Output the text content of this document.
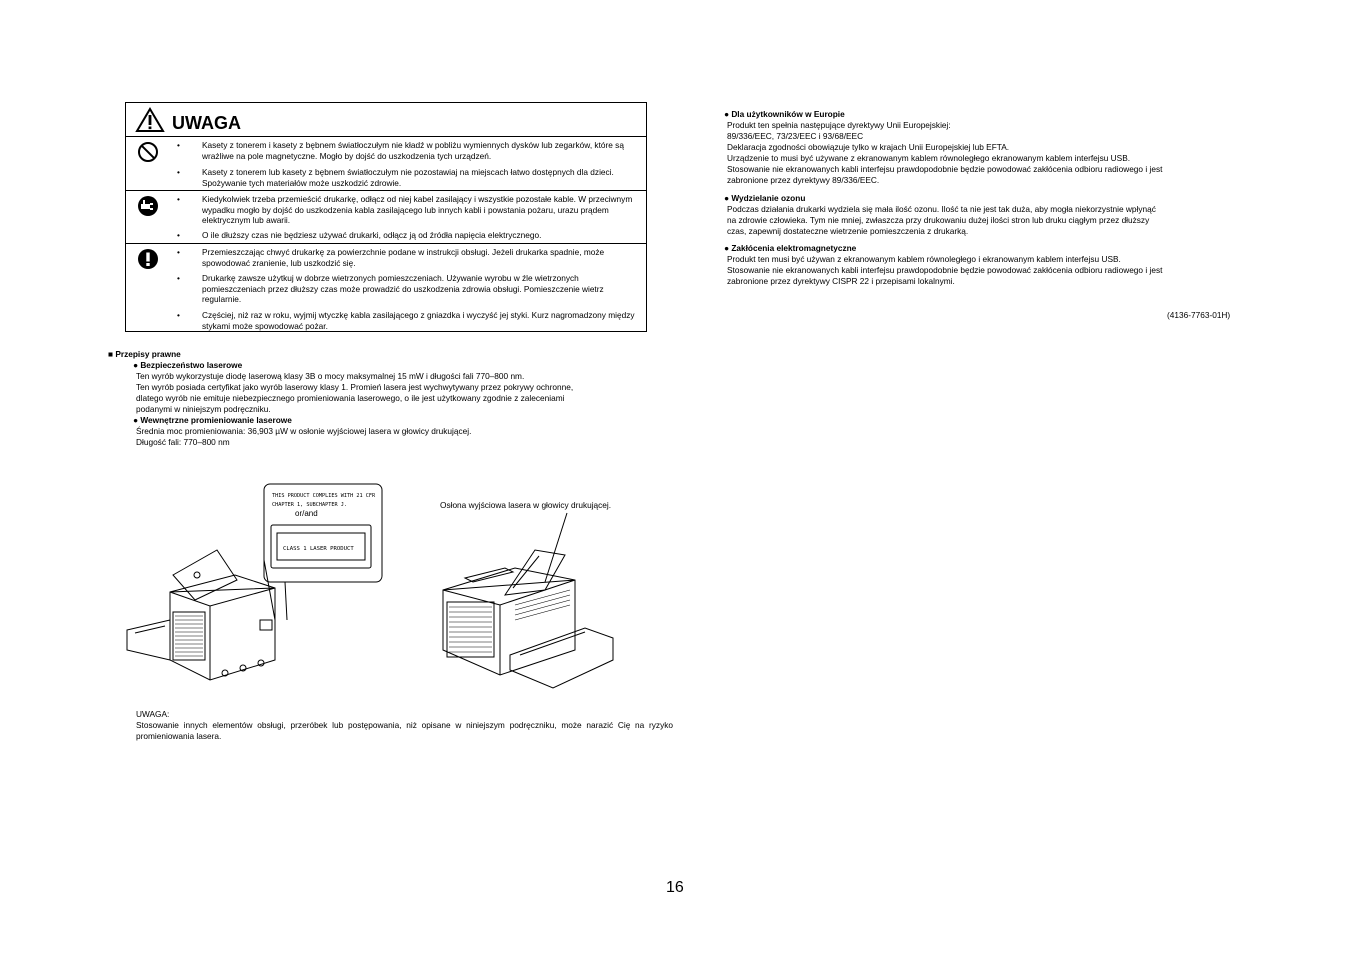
UWAGA
•	Kasety z tonerem i kasety z bębnem światłoczułym nie kładź w pobliżu wymiennych dysków lub zegarków, które są wrażliwe na pole magnetyczne. Mogło by dojść do uszkodzenia tych urządzeń.
•	Kasety z tonerem lub kasety z bębnem światłoczułym nie pozostawiaj na miejscach łatwo dostępnych dla dzieci. Spożywanie tych materiałów może uszkodzić zdrowie.
•	Kiedykolwiek trzeba przemieścić drukarkę, odłącz od niej kabel zasilający i wszystkie pozostałe kable. W przeciwnym wypadku mogło by dojść do uszkodzenia kabla zasilającego lub innych kabli i powstania pożaru, urazu prądem elektrycznym lub awarii.
•	O ile dłuższy czas nie będziesz używać drukarki, odłącz ją od źródła napięcia elektrycznego.
•	Przemieszczając chwyć drukarkę za powierzchnie podane w instrukcji obsługi. Jeżeli drukarka spadnie, może spowodować zranienie, lub uszkodzić się.
•	Drukarkę zawsze użytkuj w dobrze wietrzonych pomieszczeniach. Używanie wyrobu w źle wietrzonych pomieszczeniach przez dłuższy czas może prowadzić do uszkodzenia zdrowia obsługi. Pomieszczenie wietrz regularnie.
•	Częściej, niż raz w roku, wyjmij wtyczkę kabla zasilającego z gniazdka i wyczyść jej styki. Kurz nagromadzony między stykami może spowodować pożar.
■ Przepisy prawne
● Bezpieczeństwo laserowe
Ten wyrób wykorzystuje diodę laserową klasy 3B o mocy maksymalnej 15 mW i długości fali 770–800 nm.
Ten wyrób posiada certyfikat jako wyrób laserowy klasy 1. Promień lasera jest wychwytywany przez pokrywy ochronne,
dlatego wyrób nie emituje niebezpiecznego promieniowania laserowego, o ile jest użytkowany zgodnie z zaleceniami
podanymi w niniejszym podręczniku.
● Wewnętrzne promieniowanie laserowe
Średnia moc promieniowania: 36,903 µW w osłonie wyjściowej lasera w głowicy drukującej.
Długość fali: 770–800 nm
THIS PRODUCT COMPLIES WITH 21 CFR
CHAPTER 1, SUBCHAPTER J.
or/and
CLASS 1 LASER PRODUCT
Osłona wyjściowa lasera w głowicy drukującej.
UWAGA:
Stosowanie innych elementów obsługi, przeróbek lub postępowania, niż opisane w niniejszym podręczniku, może narazić Cię na ryzyko promieniowania lasera.
● Dla użytkowników w Europie
Produkt ten spełnia następujące dyrektywy Unii Europejskiej:
89/336/EEC, 73/23/EEC i 93/68/EEC
Deklaracja zgodności obowiązuje tylko w krajach Unii Europejskiej lub EFTA.
Urządzenie to musi być używane z ekranowanym kablem równoległego ekranowanym kablem interfejsu USB.
Stosowanie nie ekranowanych kabli interfejsu prawdopodobnie będzie powodować zakłócenia odbioru radiowego i jest
zabronione przez dyrektywy 89/336/EEC.
● Wydzielanie ozonu
Podczas działania drukarki wydziela się mała ilość ozonu. Ilość ta nie jest tak duża, aby mogła niekorzystnie wpłynąć
na zdrowie człowieka. Tym nie mniej, zwłaszcza przy drukowaniu dużej ilości stron lub druku ciągłym przez dłuższy
czas, zapewnij dostateczne wietrzenie pomieszczenia z drukarką.
● Zakłócenia elektromagnetyczne
Produkt ten musi być używan z ekranowanym kablem równoległego i ekranowanym kablem interfejsu USB.
Stosowanie nie ekranowanych kabli interfejsu prawdopodobnie będzie powodować zakłócenia odbioru radiowego i jest
zabronione przez dyrektywy CISPR 22 i przepisami lokalnymi.
(4136-7763-01H)
16
